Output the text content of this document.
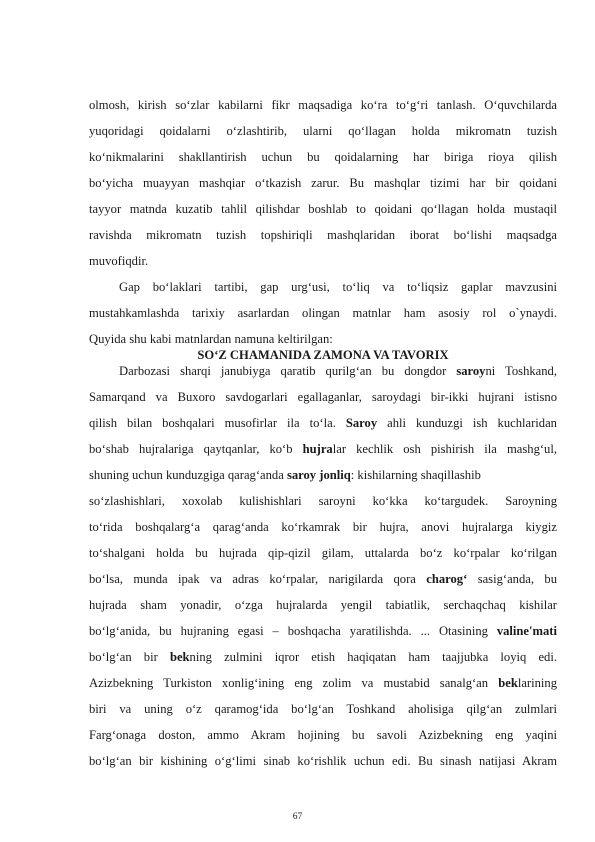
olmosh, kirish so‘zlar kabilarni fikr maqsadiga ko‘ra to‘g‘ri tanlash. O‘quvchilarda
yuqoridagi qoidalarni o‘zlashtirib, ularni qo‘llagan holda mikromatn tuzish
ko‘nikmalarini shakllantirish uchun bu qoidalarning har biriga rioya qilish
bo‘yicha muayyan mashqiar o‘tkazish zarur. Bu mashqlar tizimi har bir qoidani
tayyor matnda kuzatib tahlil qilishdar boshlab to qoidani qo‘llagan holda mustaqil
ravishda mikromatn tuzish topshiriqli mashqlaridan iborat bo‘lishi maqsadga
muvofiqdir.
Gap bo‘laklari tartibi, gap urg‘usi, to‘liq va to‘liqsiz gaplar mavzusini
mustahkamlashda tarixiy asarlardan olingan matnlar ham asosiy rol o`ynaydi.
Quyida shu kabi matnlardan namuna keltirilgan:
SO‘Z CHAMANIDA ZAMONA VA TAVORIX
Darbozasi sharqi janubiyga qaratib qurilg‘an bu dongdor saroyni Toshkand,
Samarqand va Buxoro savdogarlari egallaganlar, saroydagi bir-ikki hujrani istisno
qilish bilan boshqalari musofirlar ila to‘la. Saroy ahli kunduzgi ish kuchlaridan
bo‘shab hujralariga qaytqanlar, ko‘b hujralar kechlik osh pishirish ila mashg‘ul,
shuning uchun kunduzgiga qarag‘anda saroy jonliq: kishilarning shaqillashib
so‘zlashishlari, xoxolab kulishishlari saroyni ko‘kka ko‘targudek. Saroyning
to‘rida boshqalarg‘a qarag‘anda ko‘rkamrak bir hujra, anovi hujralarga kiygiz
to‘shalgani holda bu hujrada qip-qizil gilam, uttalarda bo‘z ko‘rpalar ko‘rilgan
bo‘lsa, munda ipak va adras ko‘rpalar, narigilarda qora charog‘ sasig‘anda, bu
hujrada sham yonadir, o‘zga hujralarda yengil tabiatlik, serchaqchaq kishilar
bo‘lg‘anida, bu hujraning egasi – boshqacha yaratilishda. ... Otasining valine'mati
bo‘lg‘an bir bekning zulmini iqror etish haqiqatan ham taajjubka loyiq edi.
Azizbekning Turkiston xonlig‘ining eng zolim va mustabid sanalg‘an beklarining
biri va uning o‘z qaramog‘ida bo‘lg‘an Toshkand aholisiga qilg‘an zulmlari
Farg‘onaga doston, ammo Akram hojining bu savoli Azizbekning eng yaqini
bo‘lg‘an bir kishining o‘g‘limi sinab ko‘rishlik uchun edi. Bu sinash natijasi Akram
67
